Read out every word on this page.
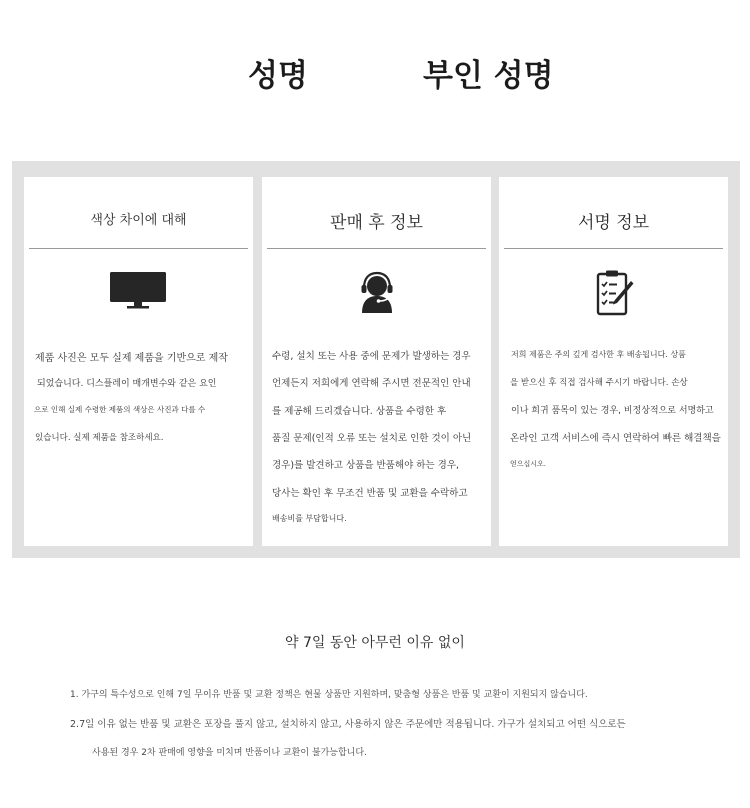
성명	부인 성명
색상 차이에 대해
제품 사진은 모두 실제 제품을 기반으로 제작
되었습니다. 디스플레이 매개변수와 같은 요인
으로 인해 실제 수령한 제품의 색상은 사진과 다를 수
있습니다. 실제 제품을 참조하세요.
판매 후 정보
수령, 설치 또는 사용 중에 문제가 발생하는 경우
언제든지 저희에게 연락해 주시면 전문적인 안내
를 제공해 드리겠습니다. 상품을 수령한 후
품질 문제(인적 오류 또는 설치로 인한 것이 아닌
경우)를 발견하고 상품을 반품해야 하는 경우,
당사는 확인 후 무조건 반품 및 교환을 수락하고
배송비를 부담합니다.
서명 정보
저희 제품은 주의 깊게 검사한 후 배송됩니다. 상품
을 받으신 후 직접 검사해 주시기 바랍니다. 손상
이나 희귀 품목이 있는 경우, 비정상적으로 서명하고
온라인 고객 서비스에 즉시 연락하여 빠른 해결책을
얻으십시오.
약 7일 동안 아무런 이유 없이
1. 가구의 특수성으로 인해 7일 무이유 반품 및 교환 정책은 현물 상품만 지원하며, 맞춤형 상품은 반품 및 교환이 지원되지 않습니다.
2.7일 이유 없는 반품 및 교환은 포장을 풀지 않고, 설치하지 않고, 사용하지 않은 주문에만 적용됩니다. 가구가 설치되고 어떤 식으로든
사용된 경우 2차 판매에 영향을 미치며 반품이나 교환이 불가능합니다.
